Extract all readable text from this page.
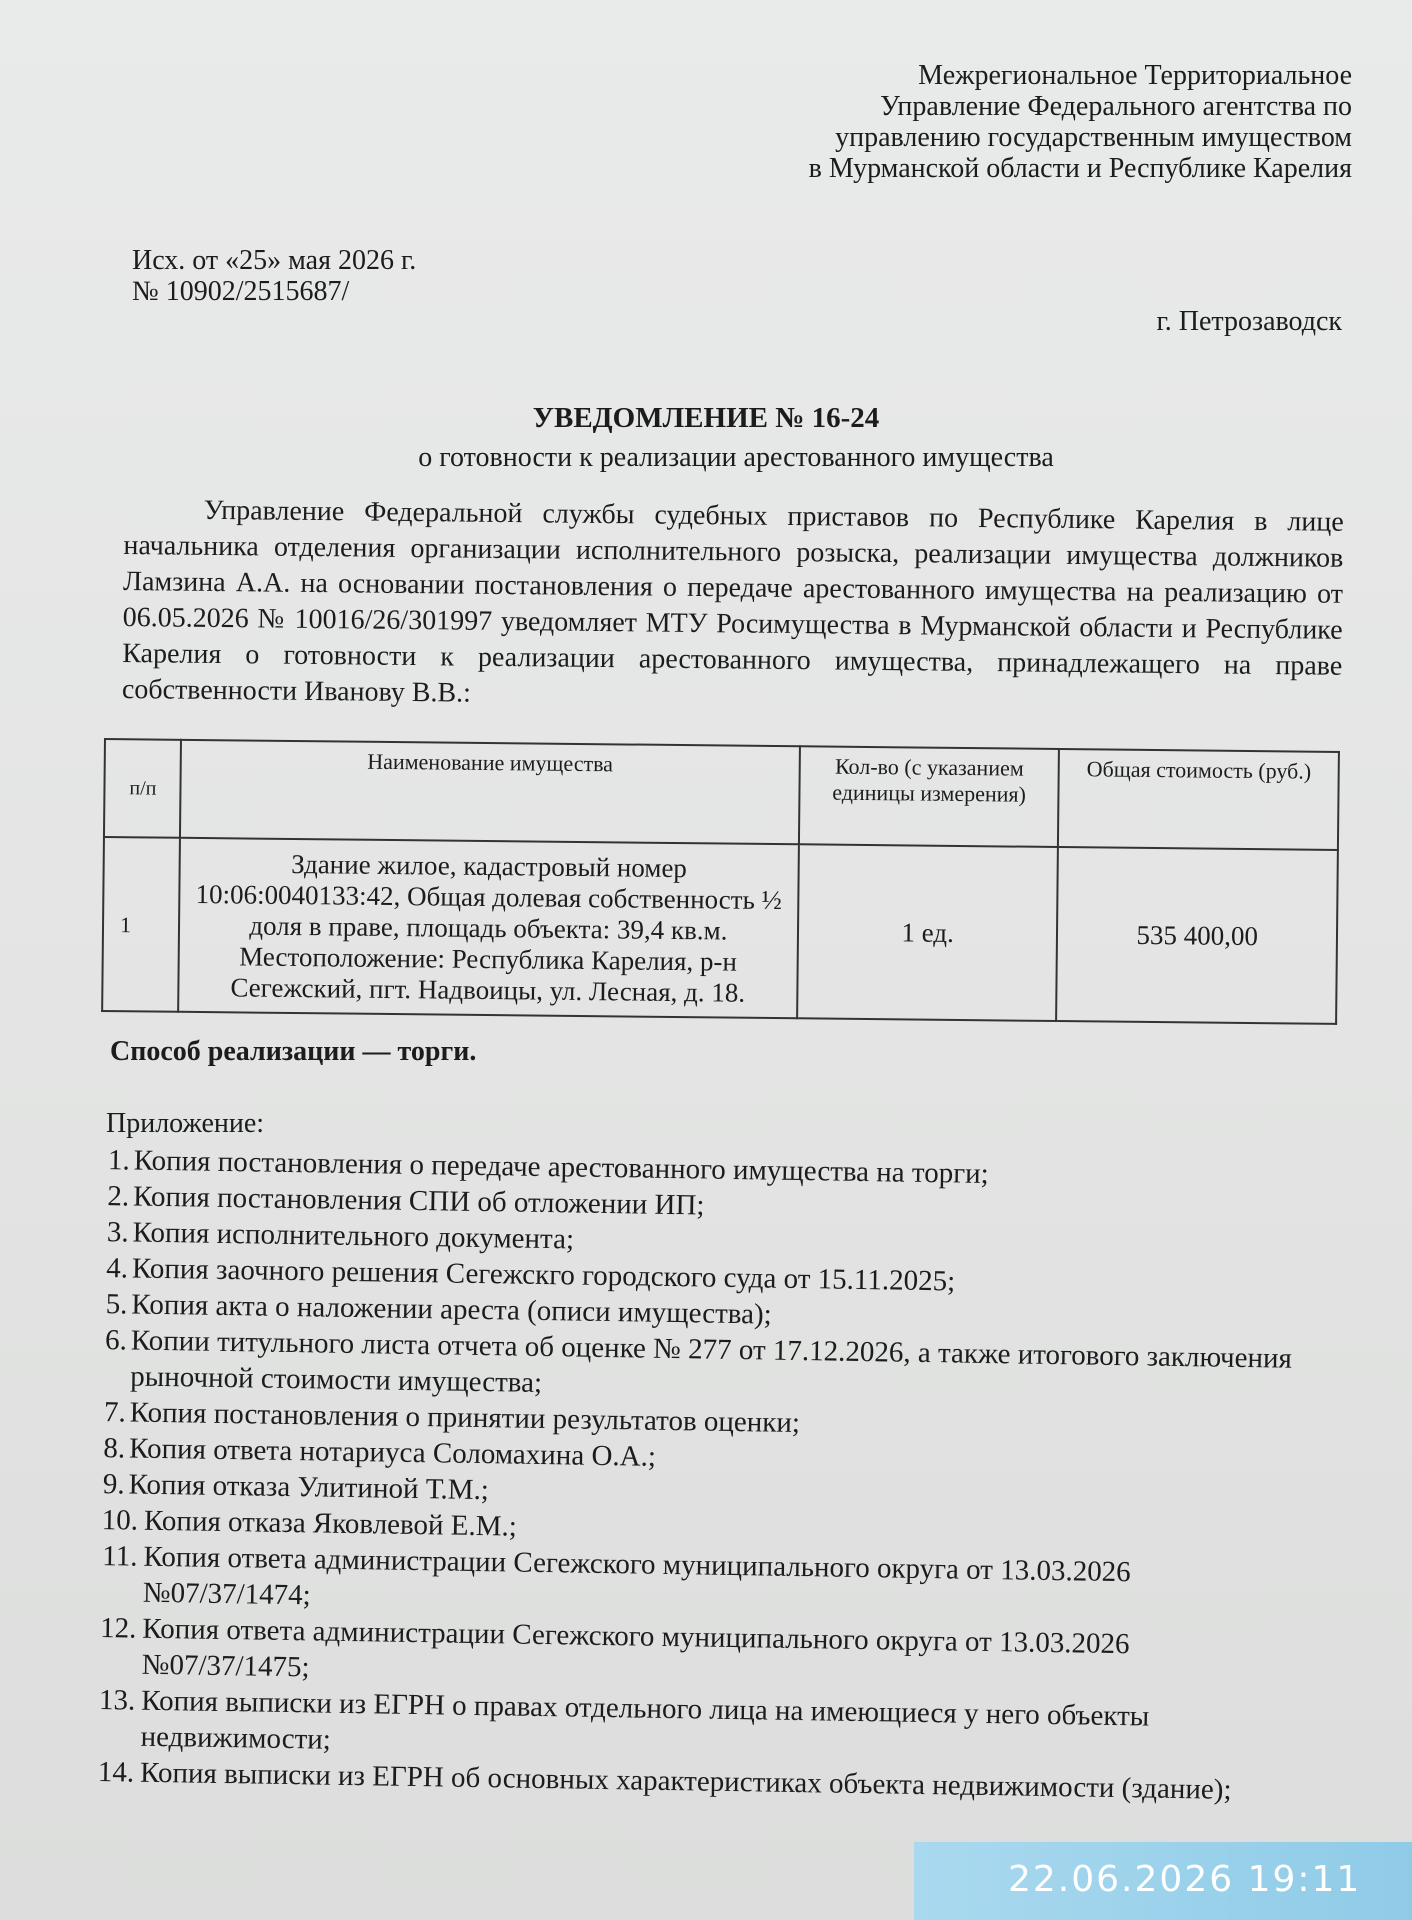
Межрегиональное Территориальное
Управление Федерального агентства по
управлению государственным имуществом
в Мурманской области и Республике Карелия
Исх. от «25» мая 2026 г.
№ 10902/2515687/
г. Петрозаводск
УВЕДОМЛЕНИЕ № 16-24
о готовности к реализации арестованного имущества
Управление Федеральной службы судебных приставов по Республике Карелия в лице начальника отделения организации исполнительного розыска, реализации имущества должников Ламзина А.А. на основании постановления о передаче арестованного имущества на реализацию от 06.05.2026 № 10016/26/301997 уведомляет МТУ Росимущества в Мурманской области и Республике Карелия о готовности к реализации арестованного имущества, принадлежащего на праве собственности Иванову В.В.:
п/п	Наименование имущества	Кол-во (с указанием единицы измерения)	Общая стоимость (руб.)
1	Здание жилое, кадастровый номер 10:06:0040133:42, Общая долевая собственность ½ доля в праве, площадь объекта: 39,4 кв.м. Местоположение: Республика Карелия, р-н Сегежский, пгт. Надвоицы, ул. Лесная, д. 18.	1 ед.	535 400,00
Способ реализации — торги.
Приложение:
1. Копия постановления о передаче арестованного имущества на торги;
2. Копия постановления СПИ об отложении ИП;
3. Копия исполнительного документа;
4. Копия заочного решения Сегежскго городского суда от 15.11.2025;
5. Копия акта о наложении ареста (описи имущества);
6. Копии титульного листа отчета об оценке № 277 от 17.12.2026, а также итогового заключения рыночной стоимости имущества;
7. Копия постановления о принятии результатов оценки;
8. Копия ответа нотариуса Соломахина О.А.;
9. Копия отказа Улитиной Т.М.;
10. Копия отказа Яковлевой Е.М.;
11. Копия ответа администрации Сегежского муниципального округа от 13.03.2026 №07/37/1474;
12. Копия ответа администрации Сегежского муниципального округа от 13.03.2026 №07/37/1475;
13. Копия выписки из ЕГРН о правах отдельного лица на имеющиеся у него объекты недвижимости;
14. Копия выписки из ЕГРН об основных характеристиках объекта недвижимости (здание);
22.06.2026 19:11
